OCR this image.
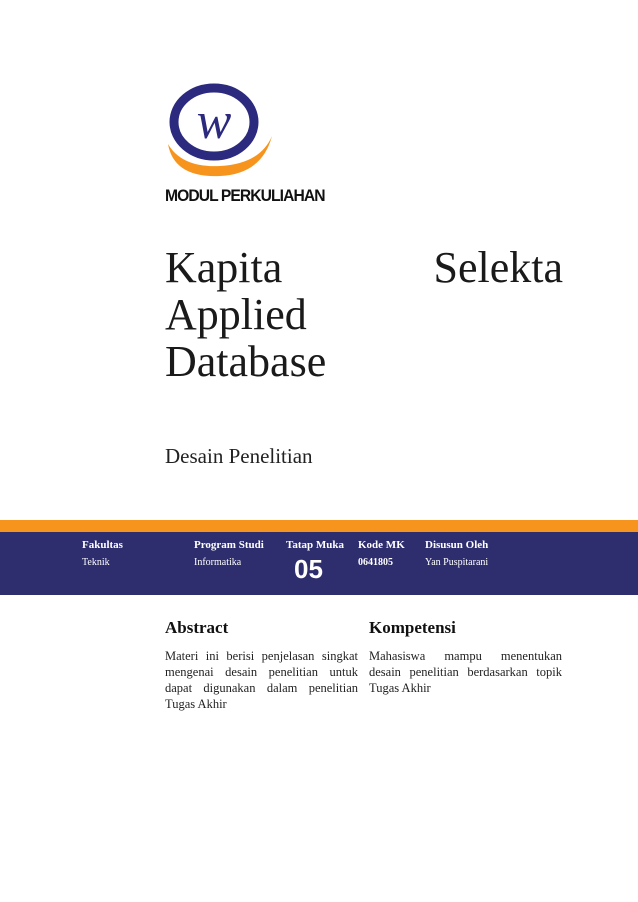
w
MODUL PERKULIAHAN
Kapita	Selekta
Applied
Database
Desain Penelitian
Fakultas
Teknik
Program Studi
Informatika
Tatap Muka
05
Kode MK
0641805
Disusun Oleh
Yan Puspitarani
Abstract
Materi ini berisi penjelasan singkat mengenai desain penelitian untuk dapat digunakan dalam penelitian Tugas Akhir
Kompetensi
Mahasiswa mampu menentukan desain penelitian berdasarkan topik Tugas Akhir
